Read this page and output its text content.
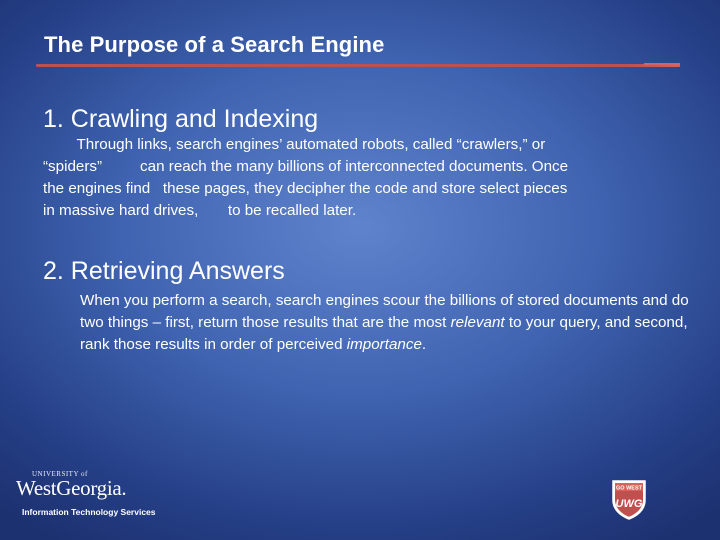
The Purpose of a Search Engine
1. Crawling and Indexing

Through links, search engines’ automated robots, called “crawlers,” or
“spiders”         can reach the many billions of interconnected documents. Once
the engines find   these pages, they decipher the code and store select pieces
in massive hard drives,       to be recalled later.

2. Retrieving Answers

When you perform a search, search engines scour the billions of stored documents and do two things – first, return those results that are the most relevant to your query, and second, rank those results in order of perceived importance.

UNIVERSITY of
WestGeorgia.
Information Technology Services
GO WEST
UWG
